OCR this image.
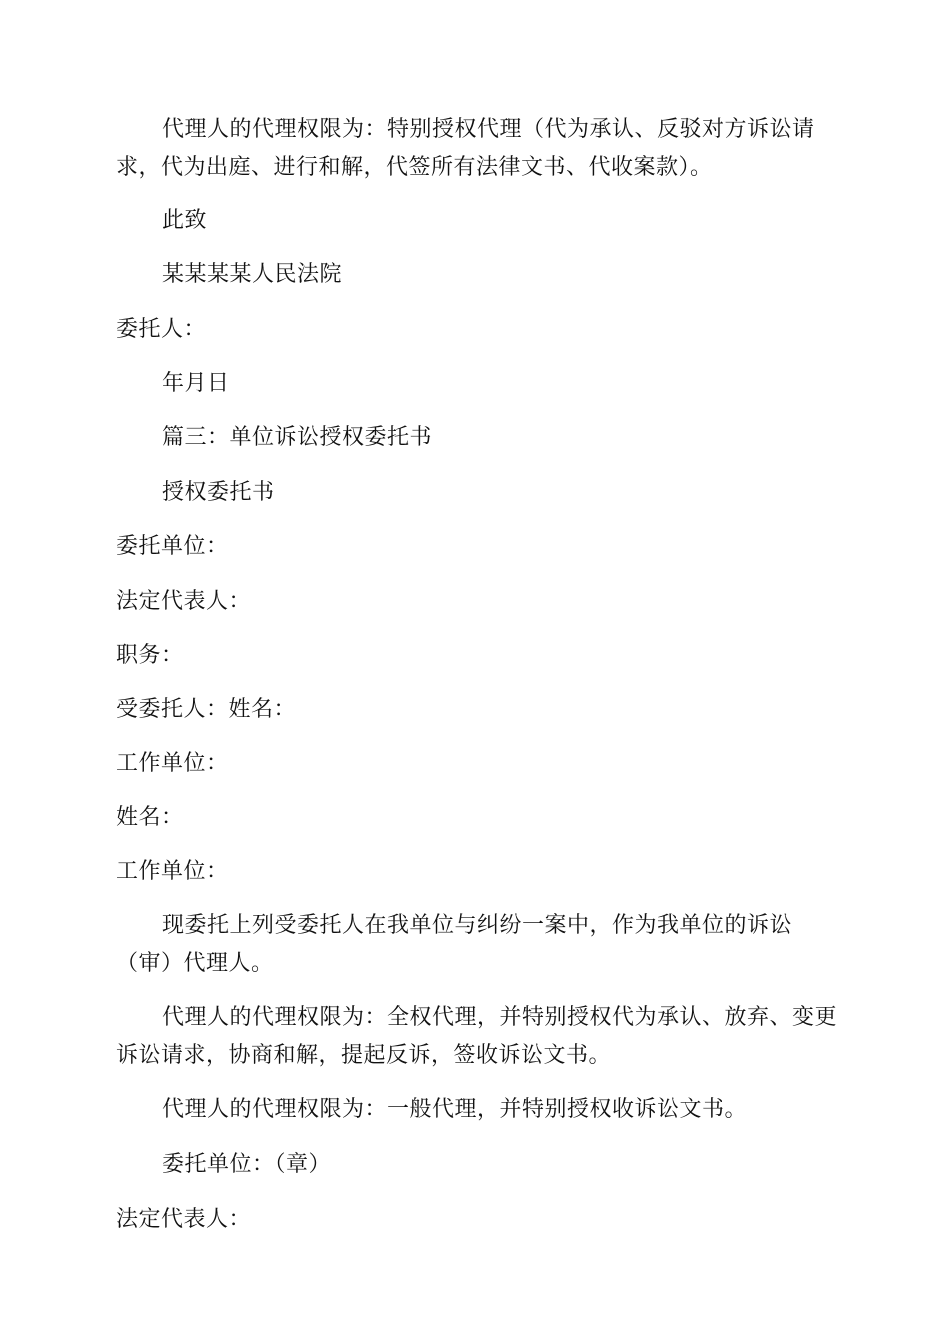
代理人的代理权限为：特别授权代理（代为承认、反驳对方诉讼请
求，代为出庭、进行和解，代签所有法律文书、代收案款）。
此致
某某某某人民法院
委托人：
年月日
篇三：单位诉讼授权委托书
授权委托书
委托单位：
法定代表人：
职务：
受委托人：姓名：
工作单位：
姓名：
工作单位：
现委托上列受委托人在我单位与纠纷一案中，作为我单位的诉讼
（审）代理人。
代理人的代理权限为：全权代理，并特别授权代为承认、放弃、变更
诉讼请求，协商和解，提起反诉，签收诉讼文书。
代理人的代理权限为：一般代理，并特别授权收诉讼文书。
委托单位：（章）
法定代表人：
